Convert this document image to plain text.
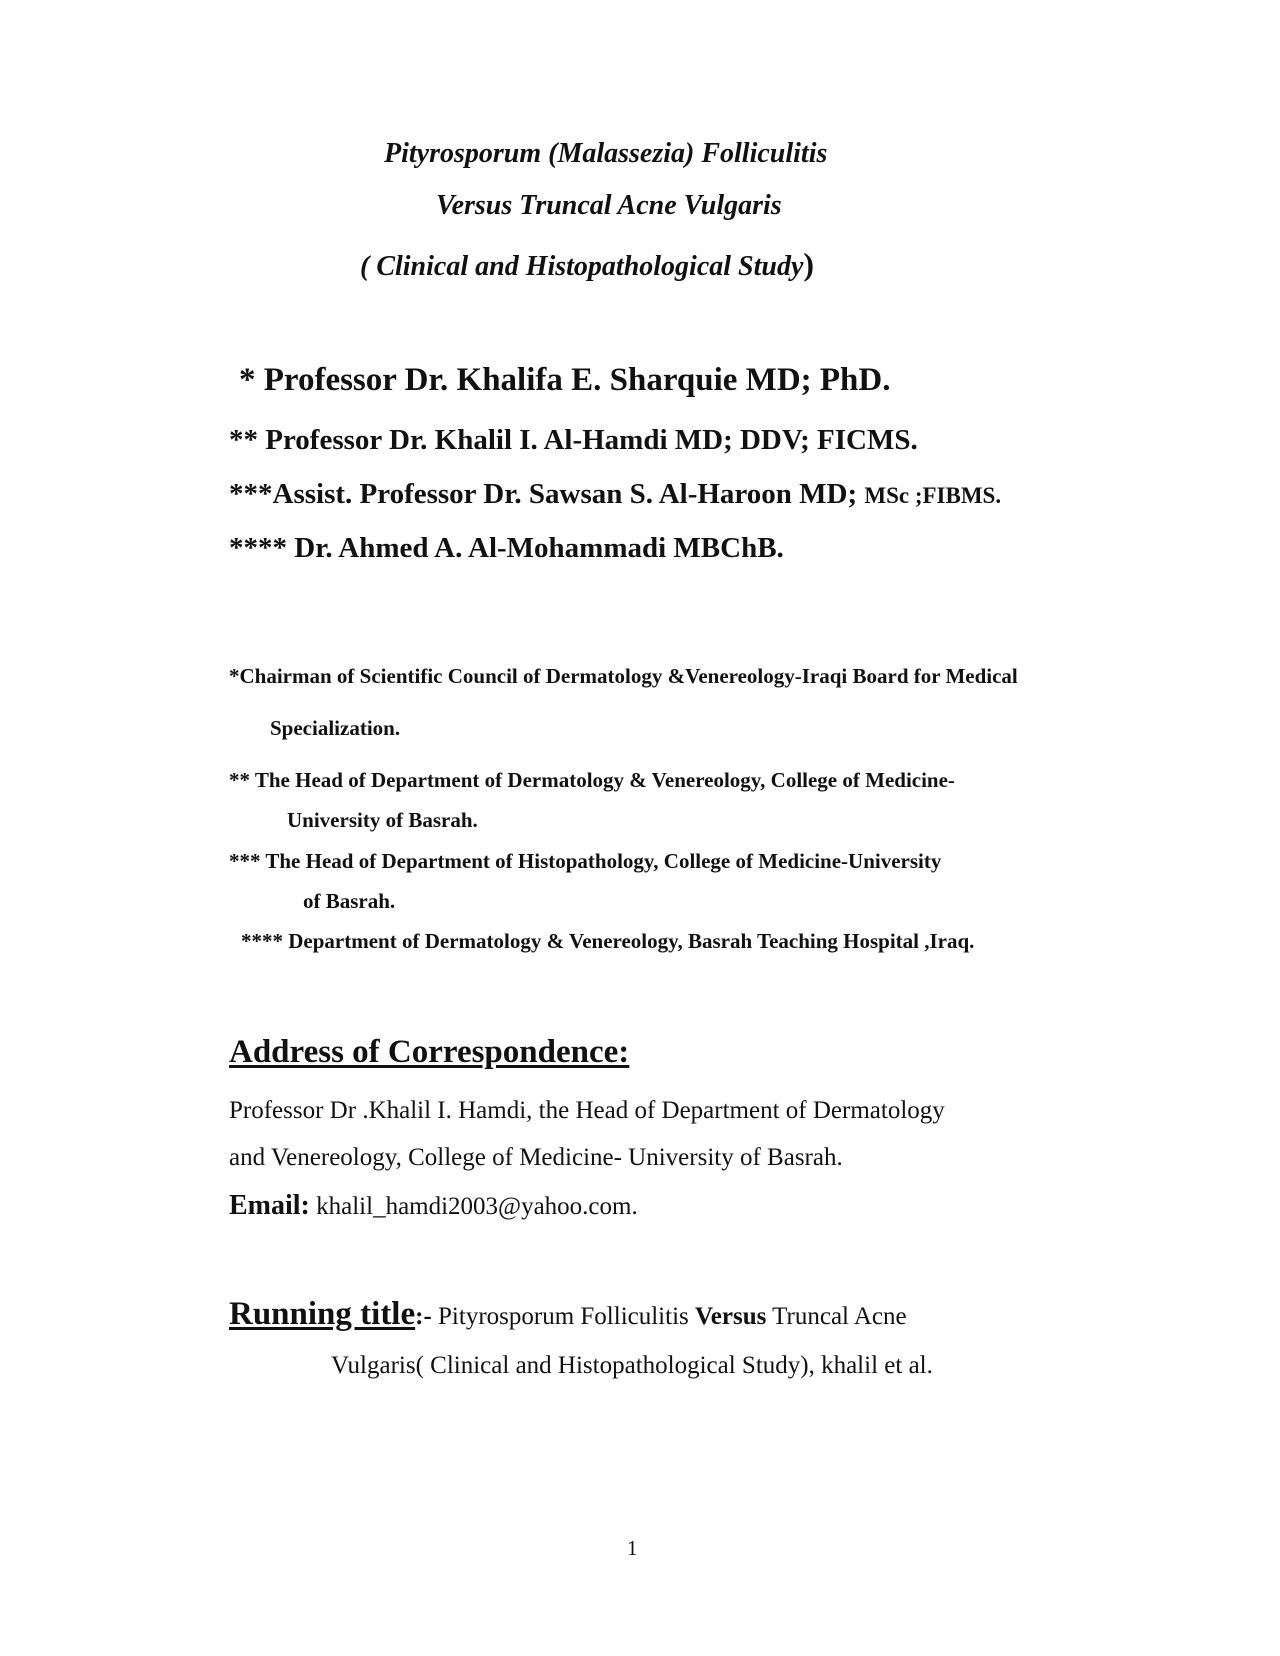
Pityrosporum (Malassezia) Folliculitis
Versus Truncal Acne Vulgaris
( Clinical and Histopathological Study)
* Professor Dr. Khalifa E. Sharquie MD; PhD.
** Professor Dr. Khalil I. Al-Hamdi MD; DDV; FICMS.
***Assist. Professor Dr. Sawsan S. Al-Haroon MD; MSc ;FIBMS.
**** Dr. Ahmed A. Al-Mohammadi MBChB.
*Chairman of Scientific Council of Dermatology &Venereology-Iraqi Board for Medical
Specialization.
** The Head of Department of Dermatology & Venereology, College of Medicine-
University of Basrah.
*** The Head of Department of Histopathology, College of Medicine-University
of Basrah.
**** Department of Dermatology & Venereology, Basrah Teaching Hospital ,Iraq.
Address of Correspondence:
Professor Dr .Khalil I. Hamdi, the Head of Department of Dermatology
and Venereology, College of Medicine- University of Basrah.
Email: khalil_hamdi2003@yahoo.com.
Running title:- Pityrosporum Folliculitis Versus Truncal Acne
Vulgaris( Clinical and Histopathological Study), khalil et al.
1
